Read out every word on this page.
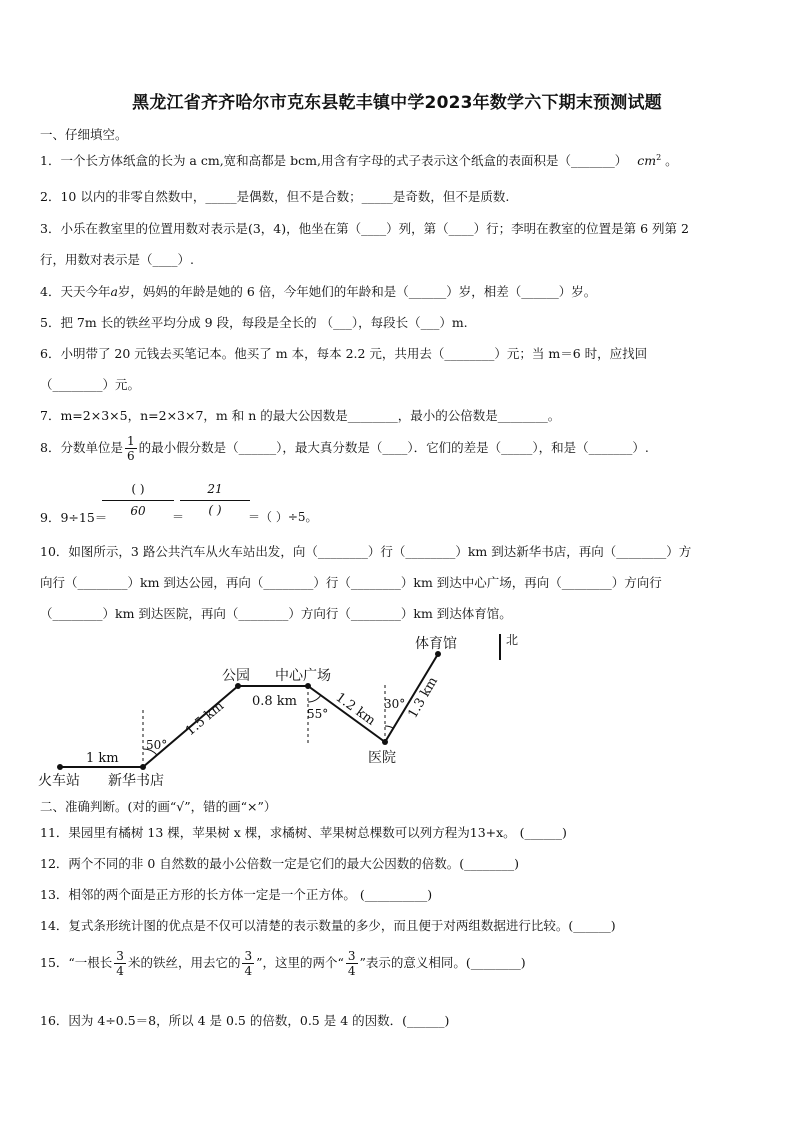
黑龙江省齐齐哈尔市克东县乾丰镇中学2023年数学六下期末预测试题
一、仔细填空。
1．一个长方体纸盒的长为 a cm,宽和高都是 bcm,用含有字母的式子表示这个纸盒的表面积是（_______） $cm^2$ 。
2．10 以内的非零自然数中，_____是偶数，但不是合数；_____是奇数，但不是质数.
3．小乐在教室里的位置用数对表示是(3，4)，他坐在第（____）列，第（____）行；李明在教室的位置是第 6 列第 2
行，用数对表示是（____）.
4．天天今年a岁，妈妈的年龄是她的 6 倍，今年她们的年龄和是（______）岁，相差（______）岁。
5．把 7m 长的铁丝平均分成 9 段，每段是全长的 （___），每段长（___）m.
6．小明带了 20 元钱去买笔记本。他买了 m 本，每本 2.2 元，共用去（________）元；当 m＝6 时，应找回
（________）元。
7．m=2×3×5，n=2×3×7，m 和 n 的最大公因数是________，最小的公倍数是________。
8．分数单位是 $\frac{1}{6}$ 的最小假分数是（______），最大真分数是（____）．它们的差是（_____），和是（_______）.
9．9÷15＝
( )
60	＝
21
( )	＝（ ）÷5。
10．如图所示，3 路公共汽车从火车站出发，向（________）行（________）km 到达新华书店，再向（________）方
向行（________）km 到达公园，再向（________）行（________）km 到达中心广场，再向（________）方向行
（________）km 到达医院，再向（________）方向行（________）km 到达体育馆。
北
火车站 新华书店
公园 中心广场
医院
体育馆
1 km
1.5 km 0.8 km	1.2 km 1.3 km
50°
55°
30°
二、准确判断。(对的画“√”，错的画“×”）
11．果园里有橘树 13 棵，苹果树 x 棵，求橘树、苹果树总棵数可以列方程为13+x。 (______)
12．两个不同的非 0 自然数的最小公倍数一定是它们的最大公因数的倍数。(________)
13．相邻的两个面是正方形的长方体一定是一个正方体。 (__________)
14．复式条形统计图的优点是不仅可以清楚的表示数量的多少，而且便于对两组数据进行比较。(______)
15．“一根长 $\frac{3}{4}$ 米的铁丝，用去它的 $\frac{3}{4}$ ”，这里的两个“ $\frac{3}{4}$ ”表示的意义相同。(________)
16．因为 4÷0.5＝8，所以 4 是 0.5 的倍数，0.5 是 4 的因数．(______)
